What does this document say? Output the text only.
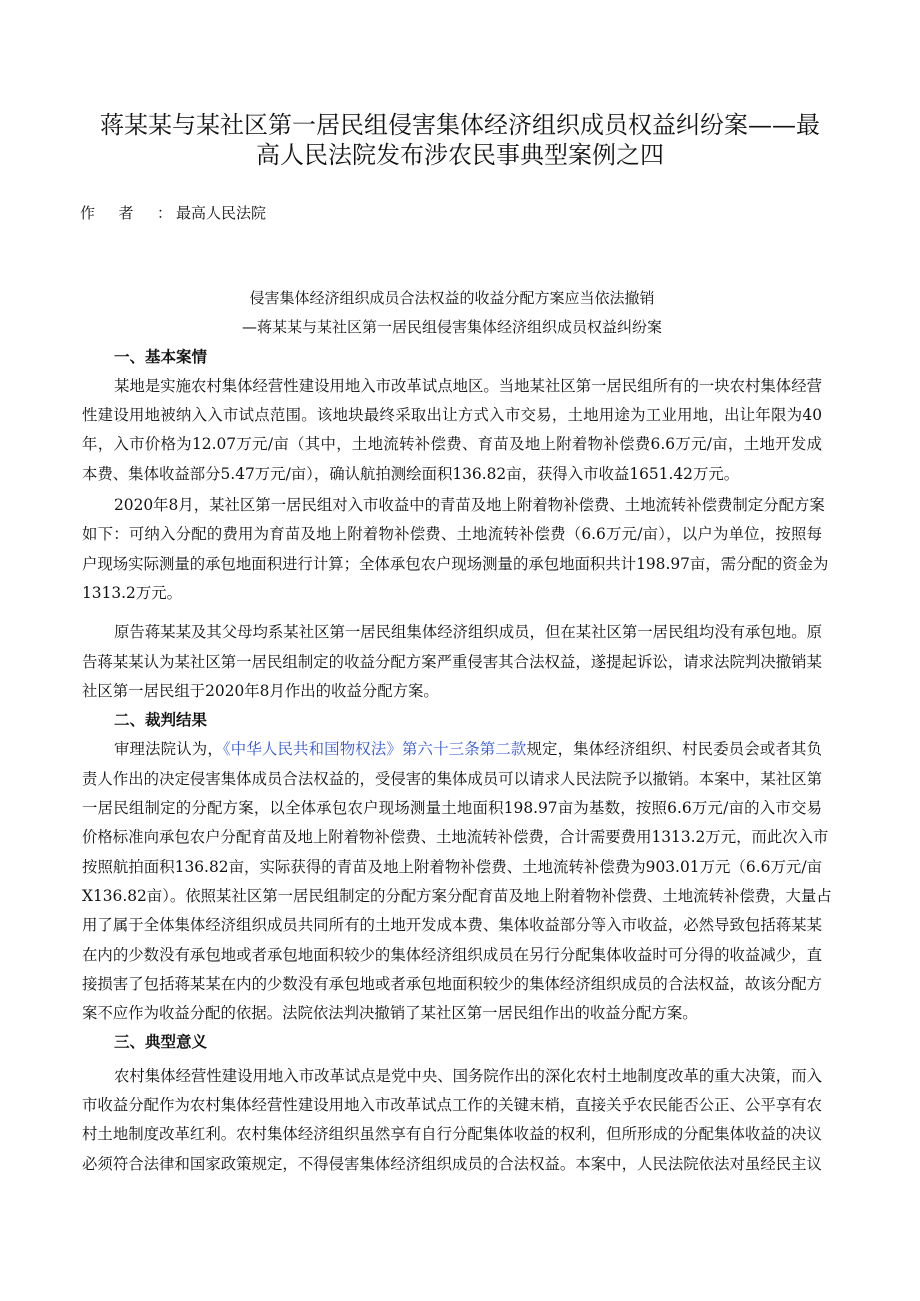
蒋某某与某社区第一居民组侵害集体经济组织成员权益纠纷案——最
高人民法院发布涉农民事典型案例之四
作者： 最高人民法院
侵害集体经济组织成员合法权益的收益分配方案应当依法撤销
—蒋某某与某社区第一居民组侵害集体经济组织成员权益纠纷案
一、基本案情
某地是实施农村集体经营性建设用地入市改革试点地区。当地某社区第一居民组所有的一块农村集体经营
性建设用地被纳入入市试点范围。该地块最终采取出让方式入市交易，土地用途为工业用地，出让年限为40
年，入市价格为12.07万元/亩（其中，土地流转补偿费、育苗及地上附着物补偿费6.6万元/亩，土地开发成
本费、集体收益部分5.47万元/亩），确认航拍测绘面积136.82亩，获得入市收益1651.42万元。
2020年8月，某社区第一居民组对入市收益中的青苗及地上附着物补偿费、土地流转补偿费制定分配方案
如下：可纳入分配的费用为育苗及地上附着物补偿费、土地流转补偿费（6.6万元/亩），以户为单位，按照每
户现场实际测量的承包地面积进行计算；全体承包农户现场测量的承包地面积共计198.97亩，需分配的资金为
1313.2万元。
原告蒋某某及其父母均系某社区第一居民组集体经济组织成员，但在某社区第一居民组均没有承包地。原
告蒋某某认为某社区第一居民组制定的收益分配方案严重侵害其合法权益，遂提起诉讼，请求法院判决撤销某
社区第一居民组于2020年8月作出的收益分配方案。
二、裁判结果
审理法院认为，《中华人民共和国物权法》第六十三条第二款规定，集体经济组织、村民委员会或者其负
责人作出的决定侵害集体成员合法权益的，受侵害的集体成员可以请求人民法院予以撤销。本案中，某社区第
一居民组制定的分配方案，以全体承包农户现场测量土地面积198.97亩为基数，按照6.6万元/亩的入市交易
价格标准向承包农户分配育苗及地上附着物补偿费、土地流转补偿费，合计需要费用1313.2万元，而此次入市
按照航拍面积136.82亩，实际获得的青苗及地上附着物补偿费、土地流转补偿费为903.01万元（6.6万元/亩
X136.82亩）。依照某社区第一居民组制定的分配方案分配育苗及地上附着物补偿费、土地流转补偿费，大量占
用了属于全体集体经济组织成员共同所有的土地开发成本费、集体收益部分等入市收益，必然导致包括蒋某某
在内的少数没有承包地或者承包地面积较少的集体经济组织成员在另行分配集体收益时可分得的收益减少，直
接损害了包括蒋某某在内的少数没有承包地或者承包地面积较少的集体经济组织成员的合法权益，故该分配方
案不应作为收益分配的依据。法院依法判决撤销了某社区第一居民组作出的收益分配方案。
三、典型意义
农村集体经营性建设用地入市改革试点是党中央、国务院作出的深化农村土地制度改革的重大决策，而入
市收益分配作为农村集体经营性建设用地入市改革试点工作的关键末梢，直接关乎农民能否公正、公平享有农
村土地制度改革红利。农村集体经济组织虽然享有自行分配集体收益的权利，但所形成的分配集体收益的决议
必须符合法律和国家政策规定，不得侵害集体经济组织成员的合法权益。本案中，人民法院依法对虽经民主议
